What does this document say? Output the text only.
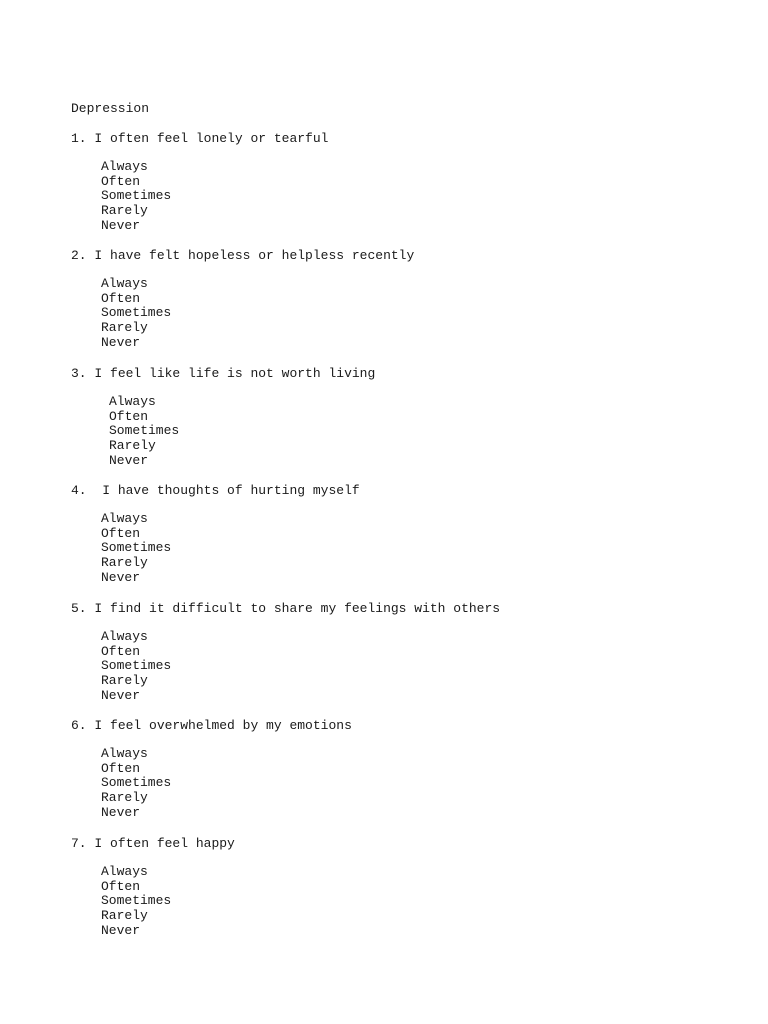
Depression
1. I often feel lonely or tearful
Always
Often
Sometimes
Rarely
Never
2. I have felt hopeless or helpless recently
Always
Often
Sometimes
Rarely
Never
3. I feel like life is not worth living
Always
Often
Sometimes
Rarely
Never
4.  I have thoughts of hurting myself
Always
Often
Sometimes
Rarely
Never
5. I find it difficult to share my feelings with others
Always
Often
Sometimes
Rarely
Never
6. I feel overwhelmed by my emotions
Always
Often
Sometimes
Rarely
Never
7. I often feel happy
Always
Often
Sometimes
Rarely
Never
